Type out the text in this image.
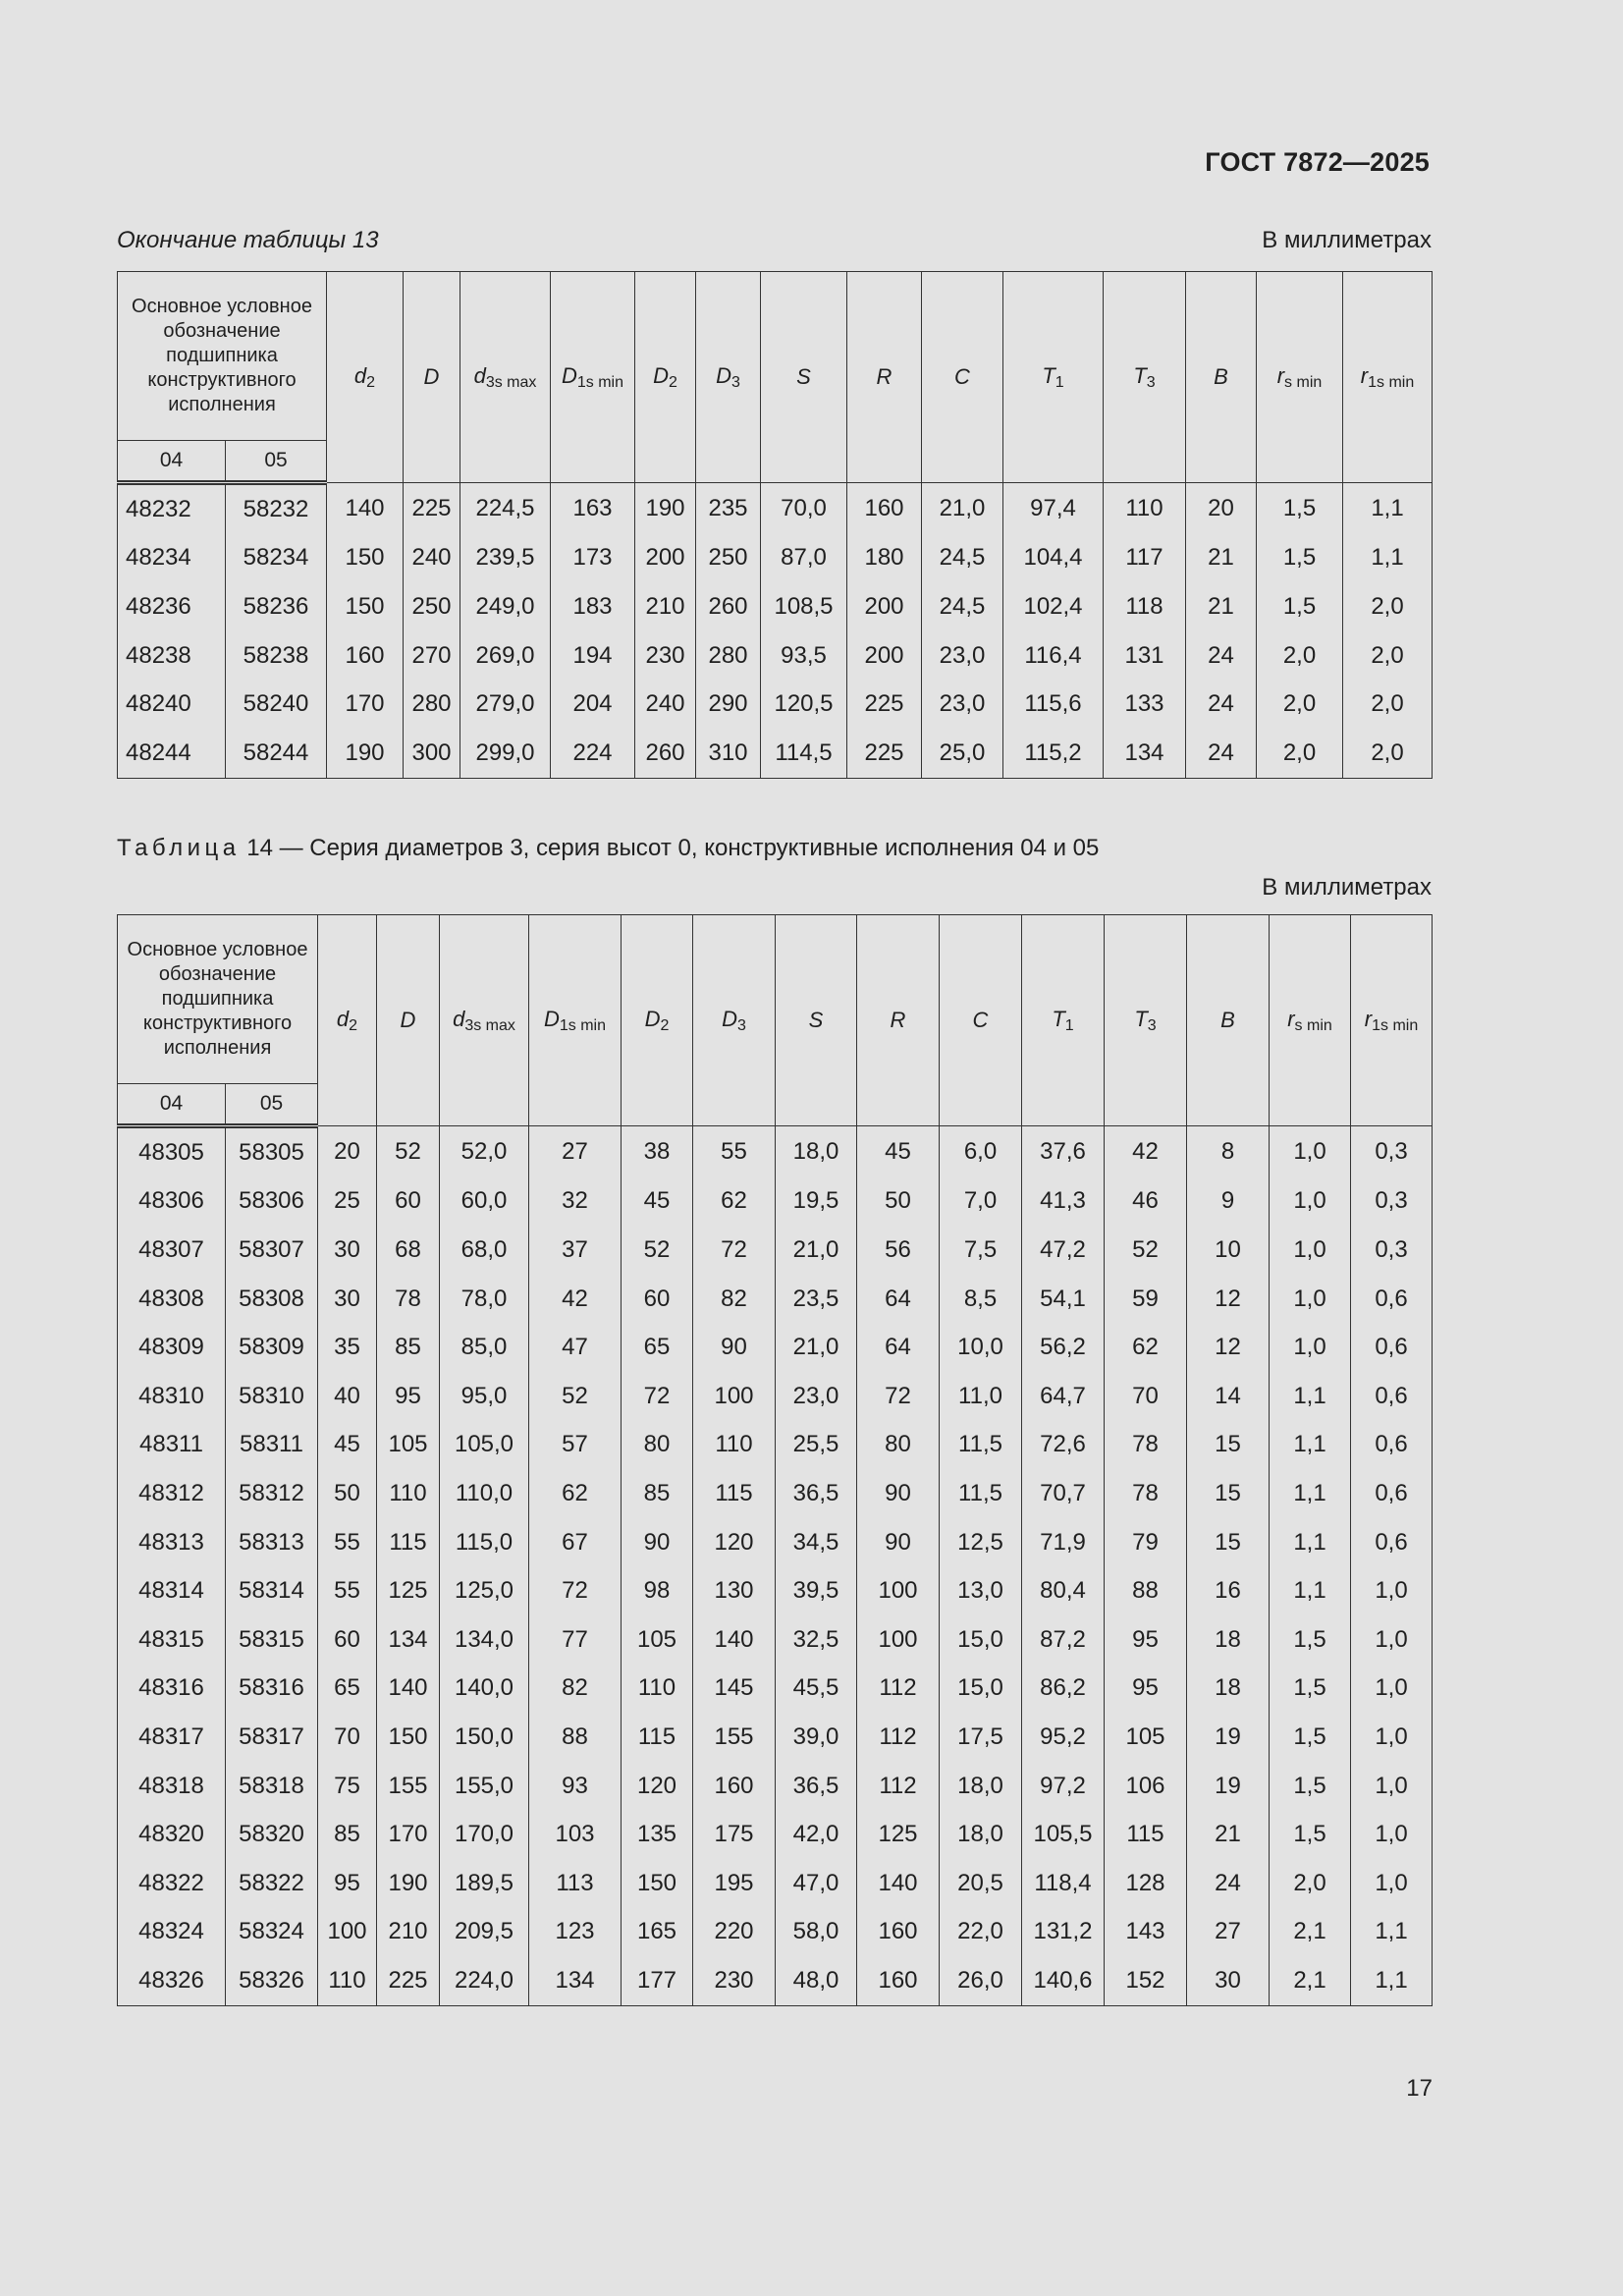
ГОСТ 7872—2025
Окончание таблицы 13	В миллиметрах
Основное условное обозначение подшипника конструктивного исполнения		$d_2$	D	$d_{3s max}$	$D_{1s min}$	$D_2$	$D_3$	S	R	C	$T_1$	$T_3$	B	$r_{s min}$	$r_{1s min}$
04	05														
48232	58232	140	225	224,5	163	190	235	70,0	160	21,0	97,4	110	20	1,5	1,1
48234	58234	150	240	239,5	173	200	250	87,0	180	24,5	104,4	117	21	1,5	1,1
48236	58236	150	250	249,0	183	210	260	108,5	200	24,5	102,4	118	21	1,5	2,0
48238	58238	160	270	269,0	194	230	280	93,5	200	23,0	116,4	131	24	2,0	2,0
48240	58240	170	280	279,0	204	240	290	120,5	225	23,0	115,6	133	24	2,0	2,0
48244	58244	190	300	299,0	224	260	310	114,5	225	25,0	115,2	134	24	2,0	2,0
Таблица 14 — Серия диаметров 3, серия высот 0, конструктивные исполнения 04 и 05
В миллиметрах
Основное условное обозначение подшипника конструктивного исполнения		$d_2$	D	$d_{3s max}$	$D_{1s min}$	$D_2$	$D_3$	S	R	C	$T_1$	$T_3$	B	$r_{s min}$	$r_{1s min}$
04	05														
48305	58305	20	52	52,0	27	38	55	18,0	45	6,0	37,6	42	8	1,0	0,3
48306	58306	25	60	60,0	32	45	62	19,5	50	7,0	41,3	46	9	1,0	0,3
48307	58307	30	68	68,0	37	52	72	21,0	56	7,5	47,2	52	10	1,0	0,3
48308	58308	30	78	78,0	42	60	82	23,5	64	8,5	54,1	59	12	1,0	0,6
48309	58309	35	85	85,0	47	65	90	21,0	64	10,0	56,2	62	12	1,0	0,6
48310	58310	40	95	95,0	52	72	100	23,0	72	11,0	64,7	70	14	1,1	0,6
48311	58311	45	105	105,0	57	80	110	25,5	80	11,5	72,6	78	15	1,1	0,6
48312	58312	50	110	110,0	62	85	115	36,5	90	11,5	70,7	78	15	1,1	0,6
48313	58313	55	115	115,0	67	90	120	34,5	90	12,5	71,9	79	15	1,1	0,6
48314	58314	55	125	125,0	72	98	130	39,5	100	13,0	80,4	88	16	1,1	1,0
48315	58315	60	134	134,0	77	105	140	32,5	100	15,0	87,2	95	18	1,5	1,0
48316	58316	65	140	140,0	82	110	145	45,5	112	15,0	86,2	95	18	1,5	1,0
48317	58317	70	150	150,0	88	115	155	39,0	112	17,5	95,2	105	19	1,5	1,0
48318	58318	75	155	155,0	93	120	160	36,5	112	18,0	97,2	106	19	1,5	1,0
48320	58320	85	170	170,0	103	135	175	42,0	125	18,0	105,5	115	21	1,5	1,0
48322	58322	95	190	189,5	113	150	195	47,0	140	20,5	118,4	128	24	2,0	1,0
48324	58324	100	210	209,5	123	165	220	58,0	160	22,0	131,2	143	27	2,1	1,1
48326	58326	110	225	224,0	134	177	230	48,0	160	26,0	140,6	152	30	2,1	1,1
17
